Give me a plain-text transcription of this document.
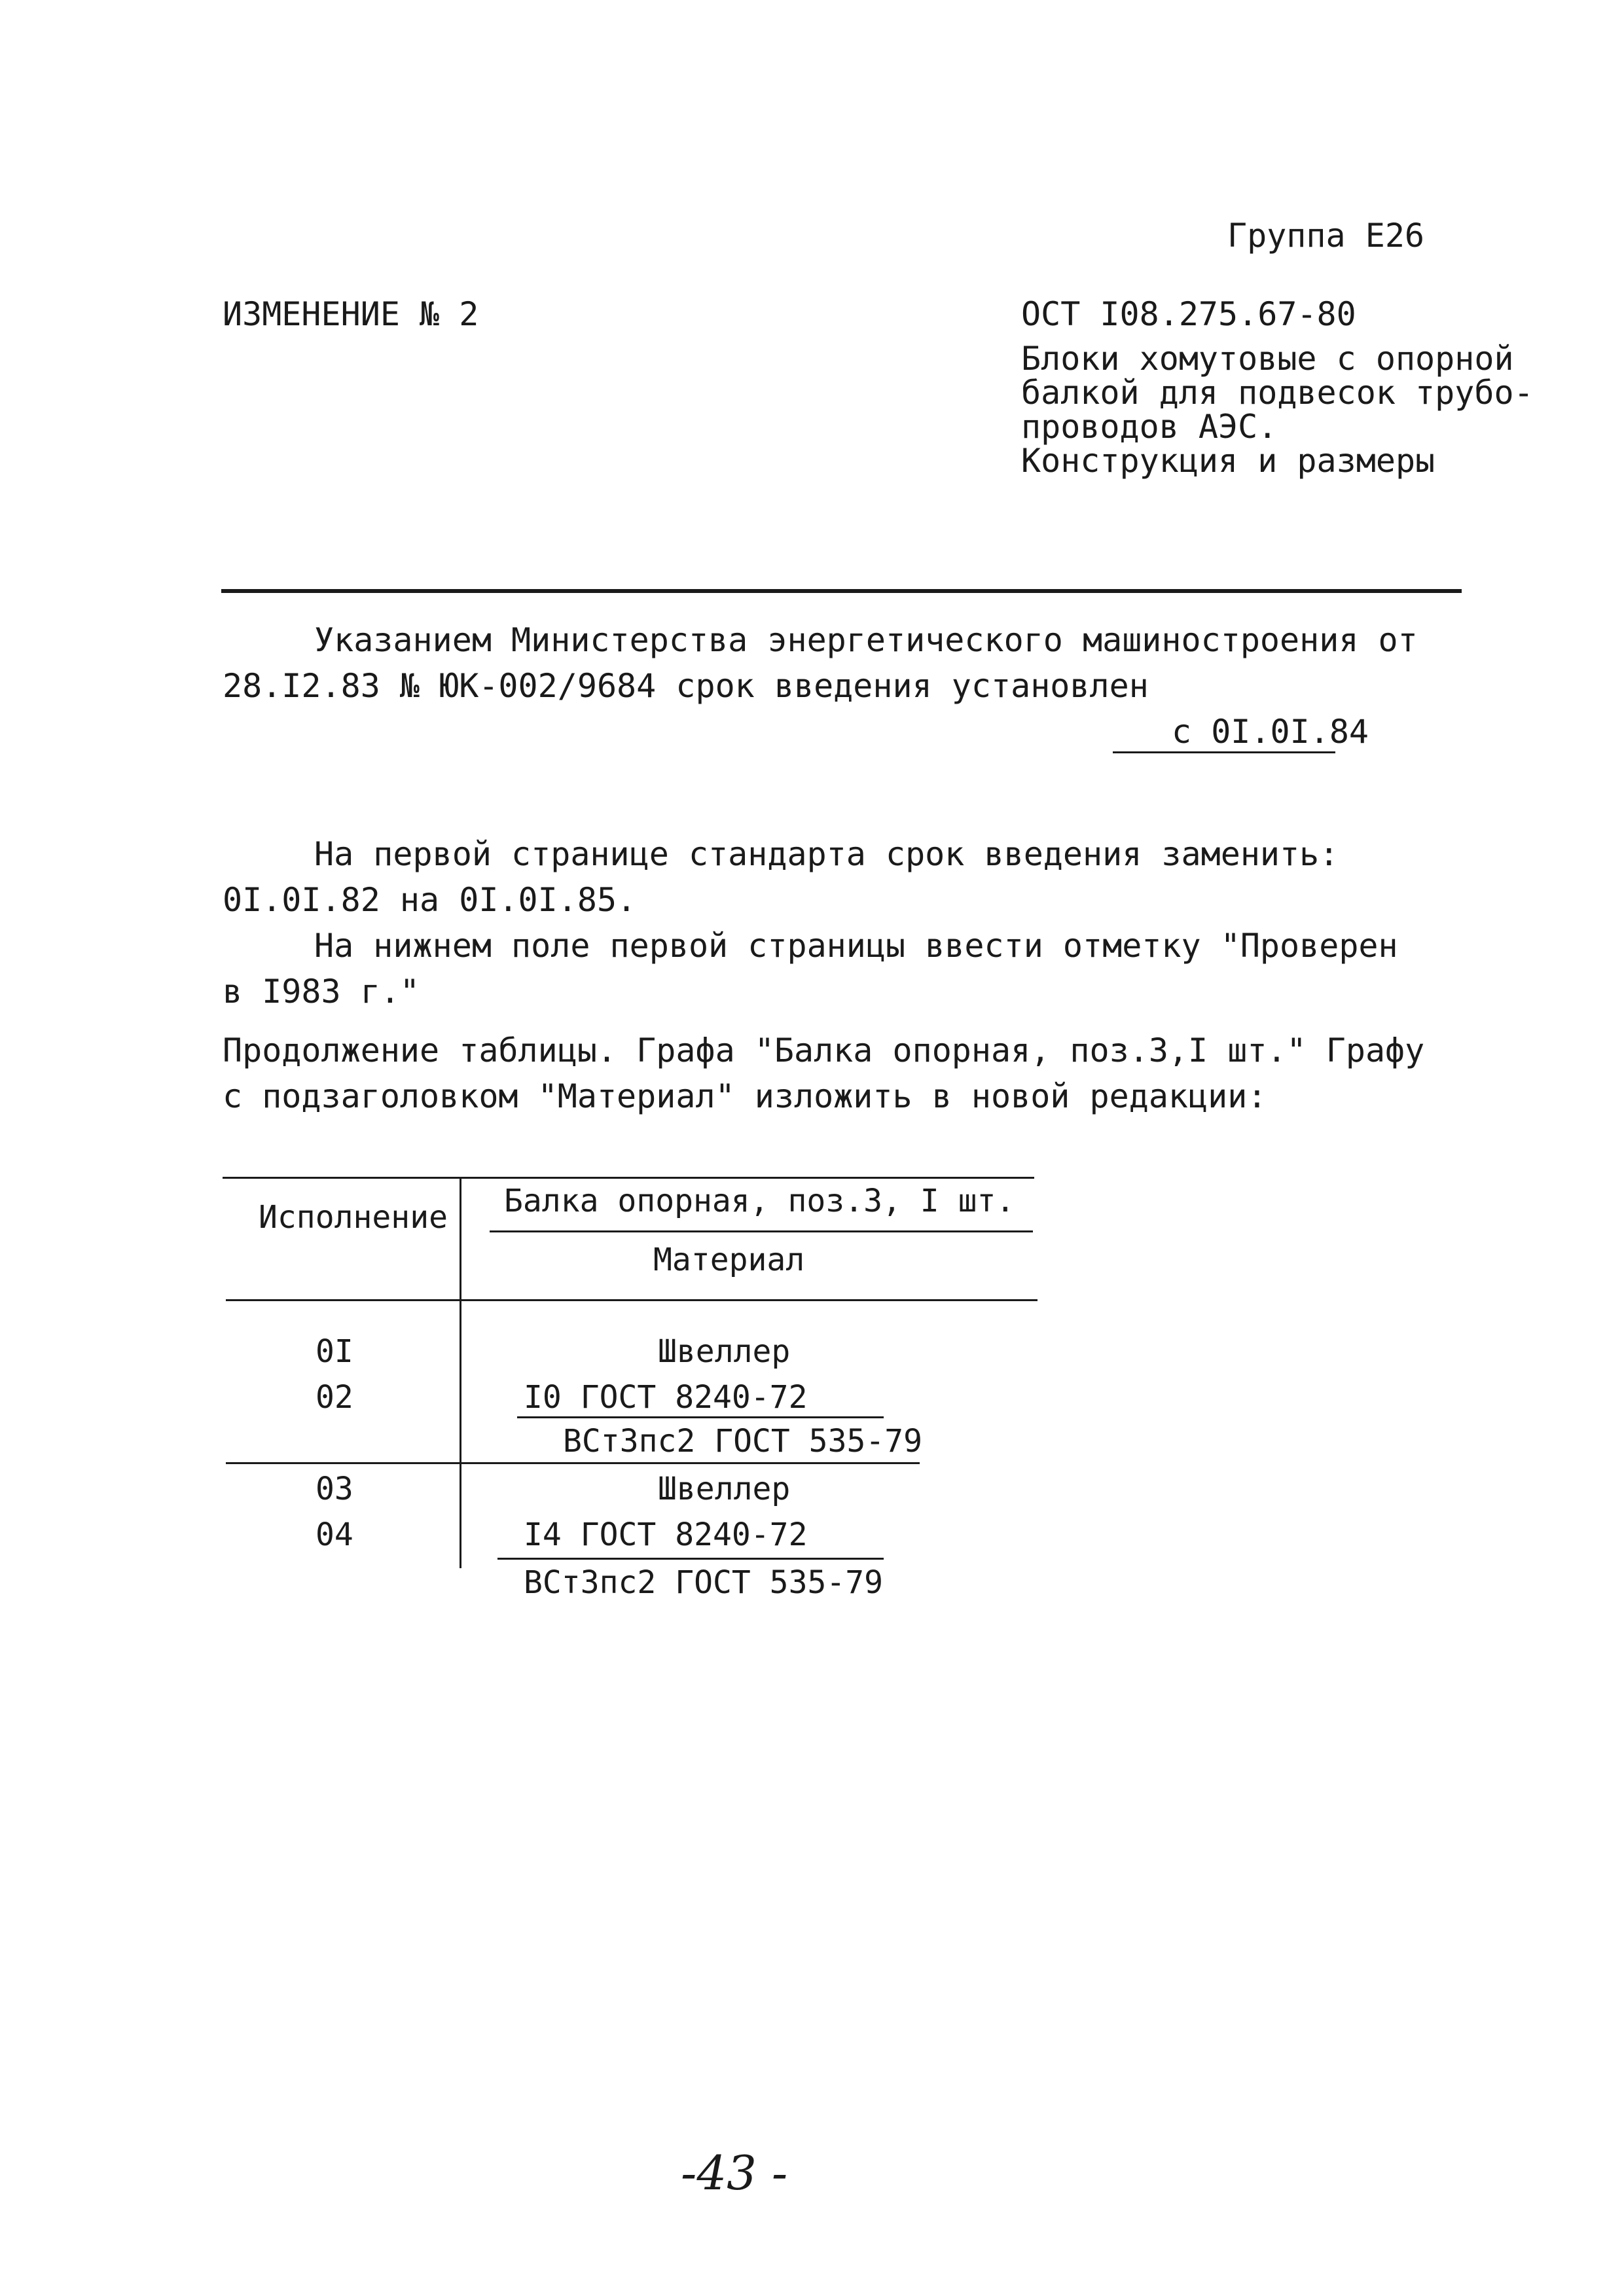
Группа Е26
ИЗМЕНЕНИЕ № 2	ОСТ I08.275.67-80
Блоки хомутовые с опорной
балкой для подвесок трубо-
проводов АЭС.
Конструкция и размеры
Указанием Министерства энергетического машиностроения от
28.I2.83 № ЮК-002/9684 срок введения установлен
с 0I.0I.84
На первой странице стандарта срок введения заменить:
0I.0I.82 на 0I.0I.85.
На нижнем поле первой страницы ввести отметку "Проверен
в I983 г."
Продолжение таблицы. Графа "Балка опорная, поз.3,I шт." Графу
с подзаголовком "Материал" изложить в новой редакции:
Исполнение Балка опорная, поз.3, I шт.
Материал
0I
02
Швеллер
I0 ГОСТ 8240-72
ВСт3пс2 ГОСТ 535-79
03
04
Швеллер
I4 ГОСТ 8240-72
ВСт3пс2 ГОСТ 535-79
-43 -
